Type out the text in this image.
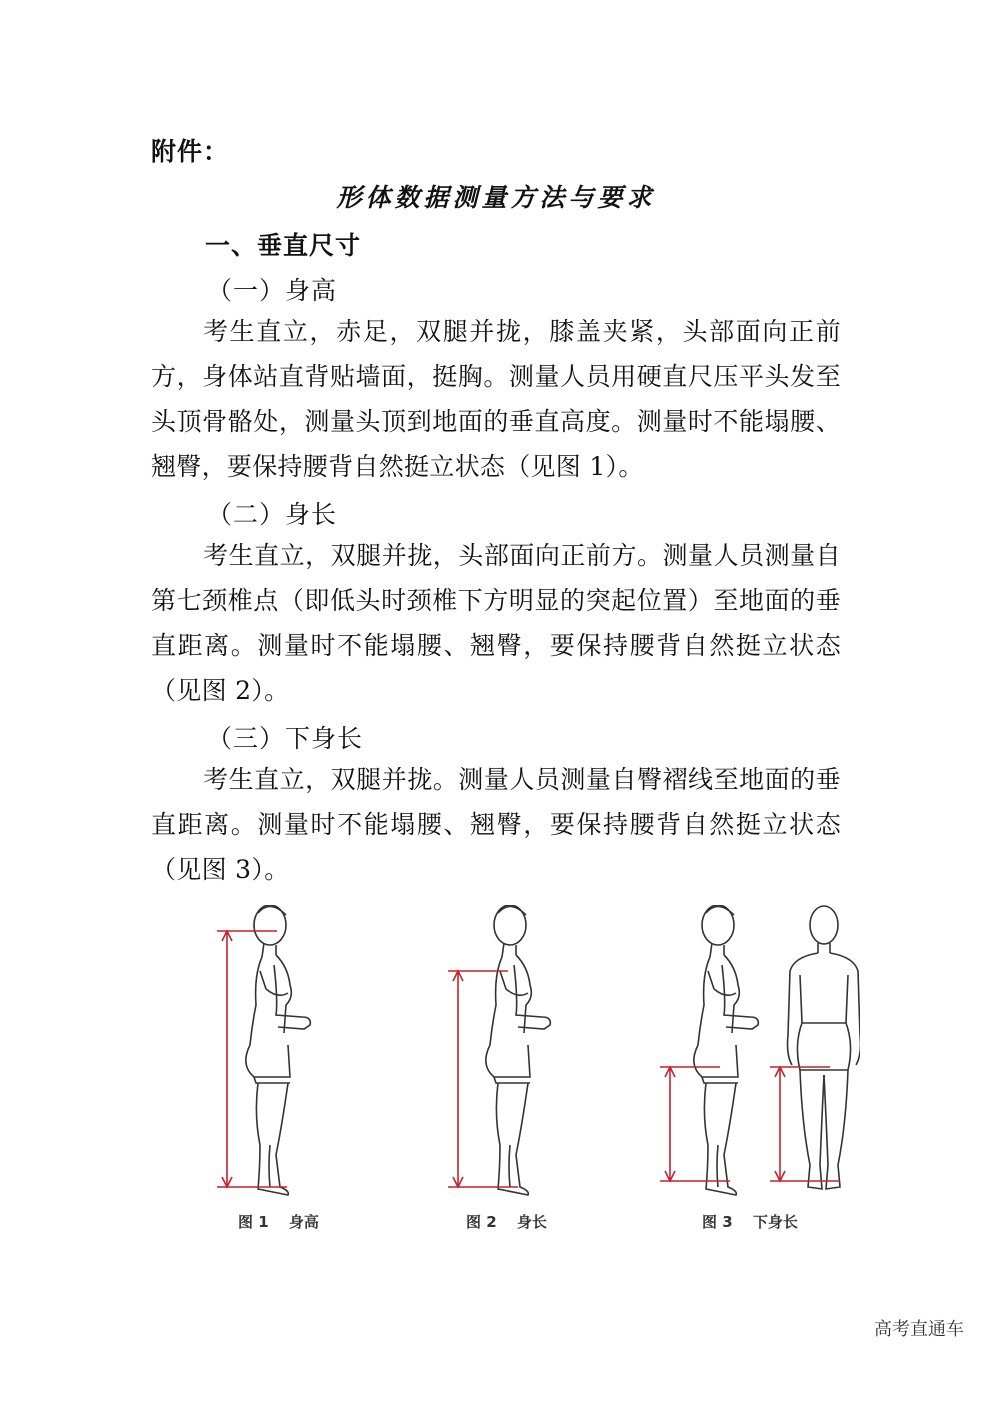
附件：
形体数据测量方法与要求
一、垂直尺寸
（一）身高

考生直立，赤足，双腿并拢，膝盖夹紧，头部面向正前方，身体站直背贴墙面，挺胸。测量人员用硬直尺压平头发至头顶骨骼处，测量头顶到地面的垂直高度。测量时不能塌腰、翘臀，要保持腰背自然挺立状态（见图 1）。

（二）身长

考生直立，双腿并拢，头部面向正前方。测量人员测量自第七颈椎点（即低头时颈椎下方明显的突起位置）至地面的垂直距离。测量时不能塌腰、翘臀，要保持腰背自然挺立状态（见图 2）。

（三）下身长

考生直立，双腿并拢。测量人员测量自臀褶线至地面的垂直距离。测量时不能塌腰、翘臀，要保持腰背自然挺立状态（见图 3）。

图 1　 身高	图 2　 身长	图 3　 下身长
高考直通车
